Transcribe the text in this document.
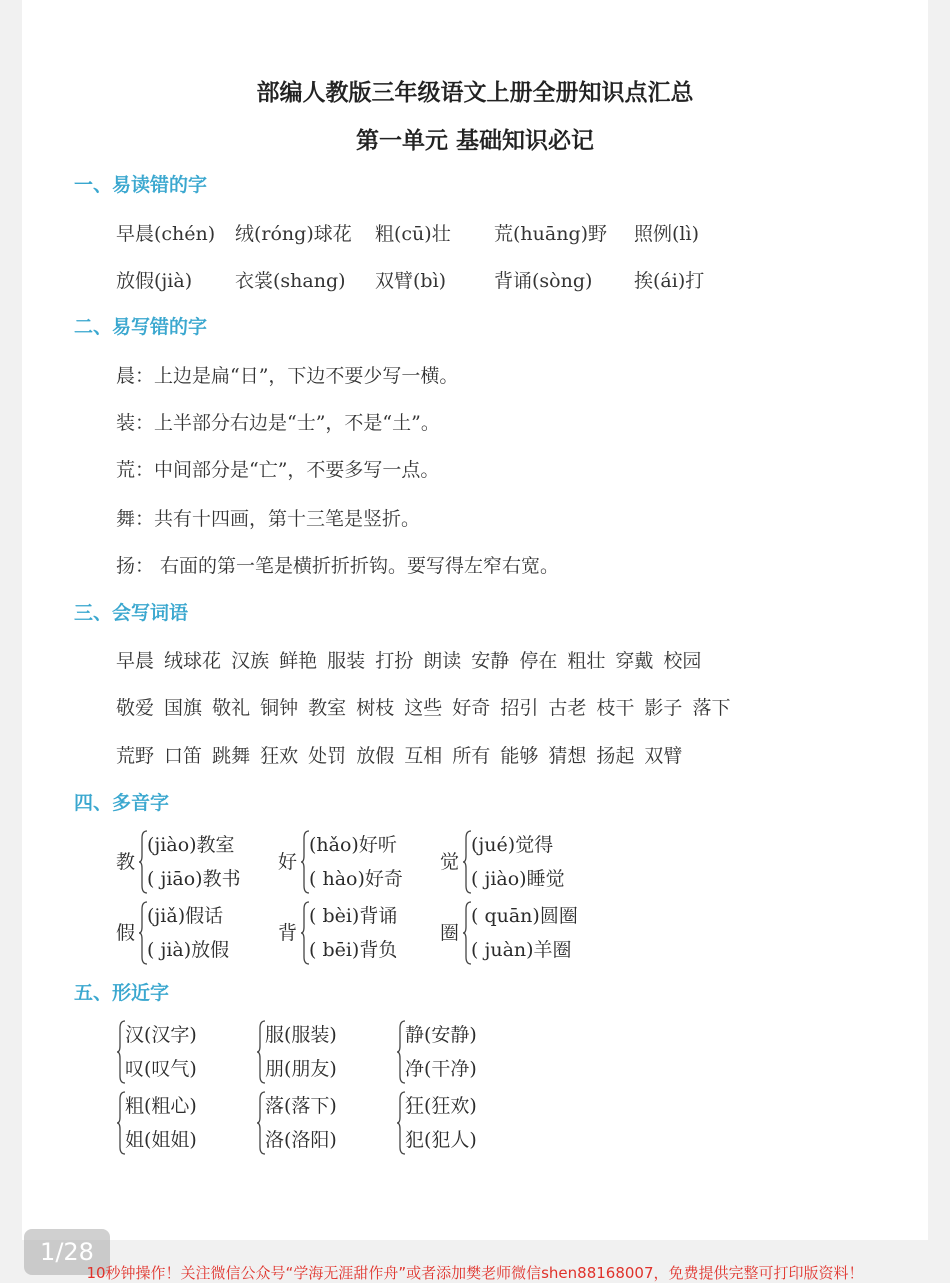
部编人教版三年级语文上册全册知识点汇总
第一单元 基础知识必记
一、易读错的字
早晨(chén) 绒(róng)球花 粗(cū)壮 荒(huāng)野 照例(lì)
放假(jià) 衣裳(shang) 双臂(bì)	背诵(sòng) 挨(ái)打
二、易写错的字
晨：上边是扁“日”，下边不要少写一横。
装：上半部分右边是“士”，不是“土”。
荒：中间部分是“亡”，不要多写一点。
舞：共有十四画，第十三笔是竖折。
扬： 右面的第一笔是横折折折钩。要写得左窄右宽。
三、会写词语
早晨 绒球花 汉族 鲜艳 服装 打扮 朗读 安静 停在 粗壮 穿戴 校园
敬爱 国旗 敬礼 铜钟 教室 树枝 这些 好奇 招引 古老 枝干 影子 落下
荒野 口笛 跳舞 狂欢 处罚 放假 互相 所有 能够 猜想 扬起 双臂
四、多音字
教
(jiào)教室
( jiāo)教书
好
(hǎo)好听
( hào)好奇
觉
(jué)觉得
( jiào)睡觉
假
(jiǎ)假话
( jià)放假
背
( bèi)背诵
( bēi)背负
圈
( quān)圆圈
( juàn)羊圈
五、形近字
汉(汉字)
叹(叹气)
服(服装)
朋(朋友)
静(安静)
净(干净)
粗(粗心)
姐(姐姐)
落(落下)
洛(洛阳)
狂(狂欢)
犯(犯人)
1/28
10秒钟操作！关注微信公众号“学海无涯甜作舟”或者添加樊老师微信shen88168007，免费提供完整可打印版资料！
